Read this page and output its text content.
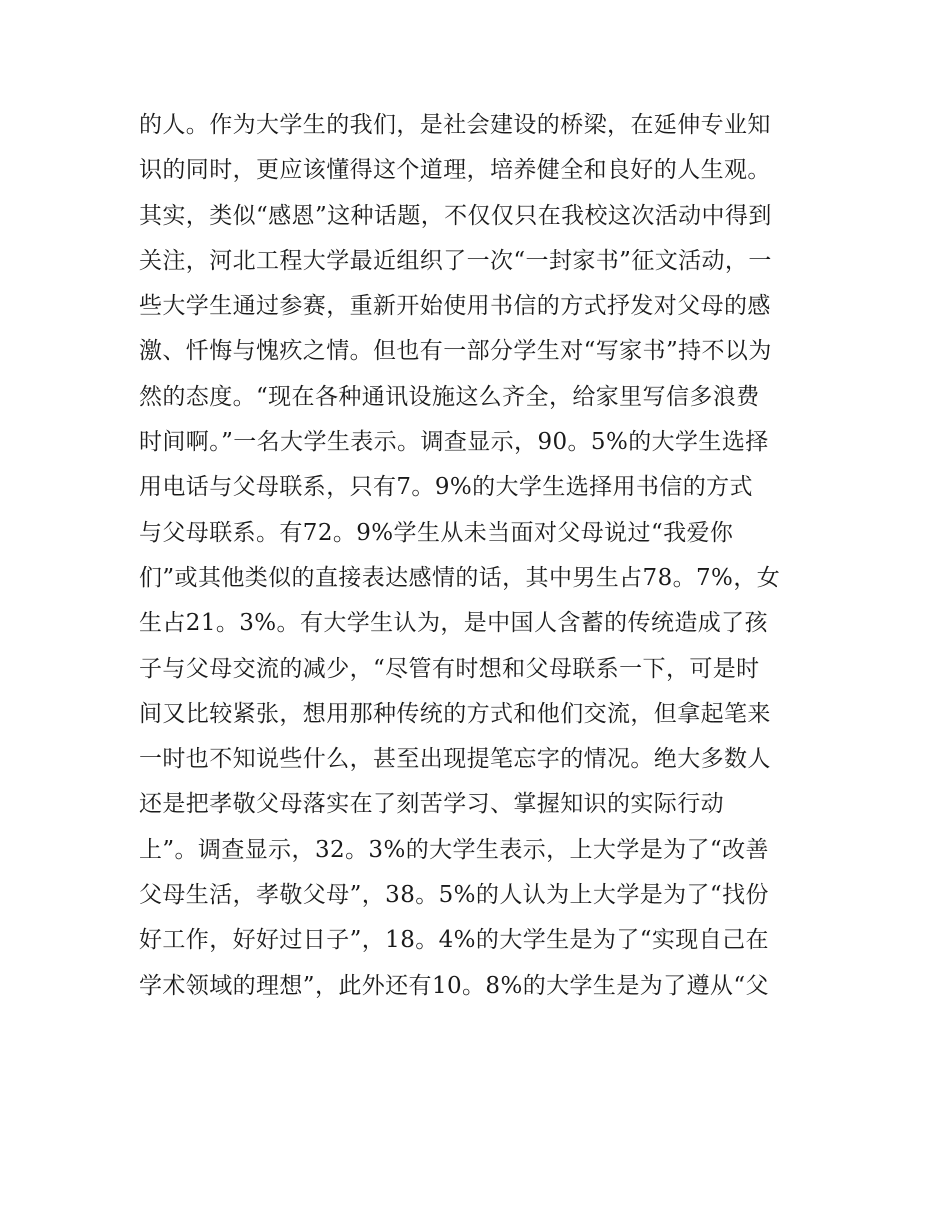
的人。作为大学生的我们，是社会建设的桥梁，在延伸专业知
识的同时，更应该懂得这个道理，培养健全和良好的人生观。
其实，类似“感恩”这种话题，不仅仅只在我校这次活动中得到
关注，河北工程大学最近组织了一次“一封家书”征文活动，一
些大学生通过参赛，重新开始使用书信的方式抒发对父母的感
激、忏悔与愧疚之情。但也有一部分学生对“写家书”持不以为
然的态度。“现在各种通讯设施这么齐全，给家里写信多浪费
时间啊。”一名大学生表示。调查显示，90。5%的大学生选择
用电话与父母联系，只有7。9%的大学生选择用书信的方式
与父母联系。有72。9%学生从未当面对父母说过“我爱你
们”或其他类似的直接表达感情的话，其中男生占78。7%，女
生占21。3%。有大学生认为，是中国人含蓄的传统造成了孩
子与父母交流的减少，“尽管有时想和父母联系一下，可是时
间又比较紧张，想用那种传统的方式和他们交流，但拿起笔来
一时也不知说些什么，甚至出现提笔忘字的情况。绝大多数人
还是把孝敬父母落实在了刻苦学习、掌握知识的实际行动
上”。调查显示，32。3%的大学生表示，上大学是为了“改善
父母生活，孝敬父母”，38。5%的人认为上大学是为了“找份
好工作，好好过日子”，18。4%的大学生是为了“实现自己在
学术领域的理想”，此外还有10。8%的大学生是为了遵从“父
